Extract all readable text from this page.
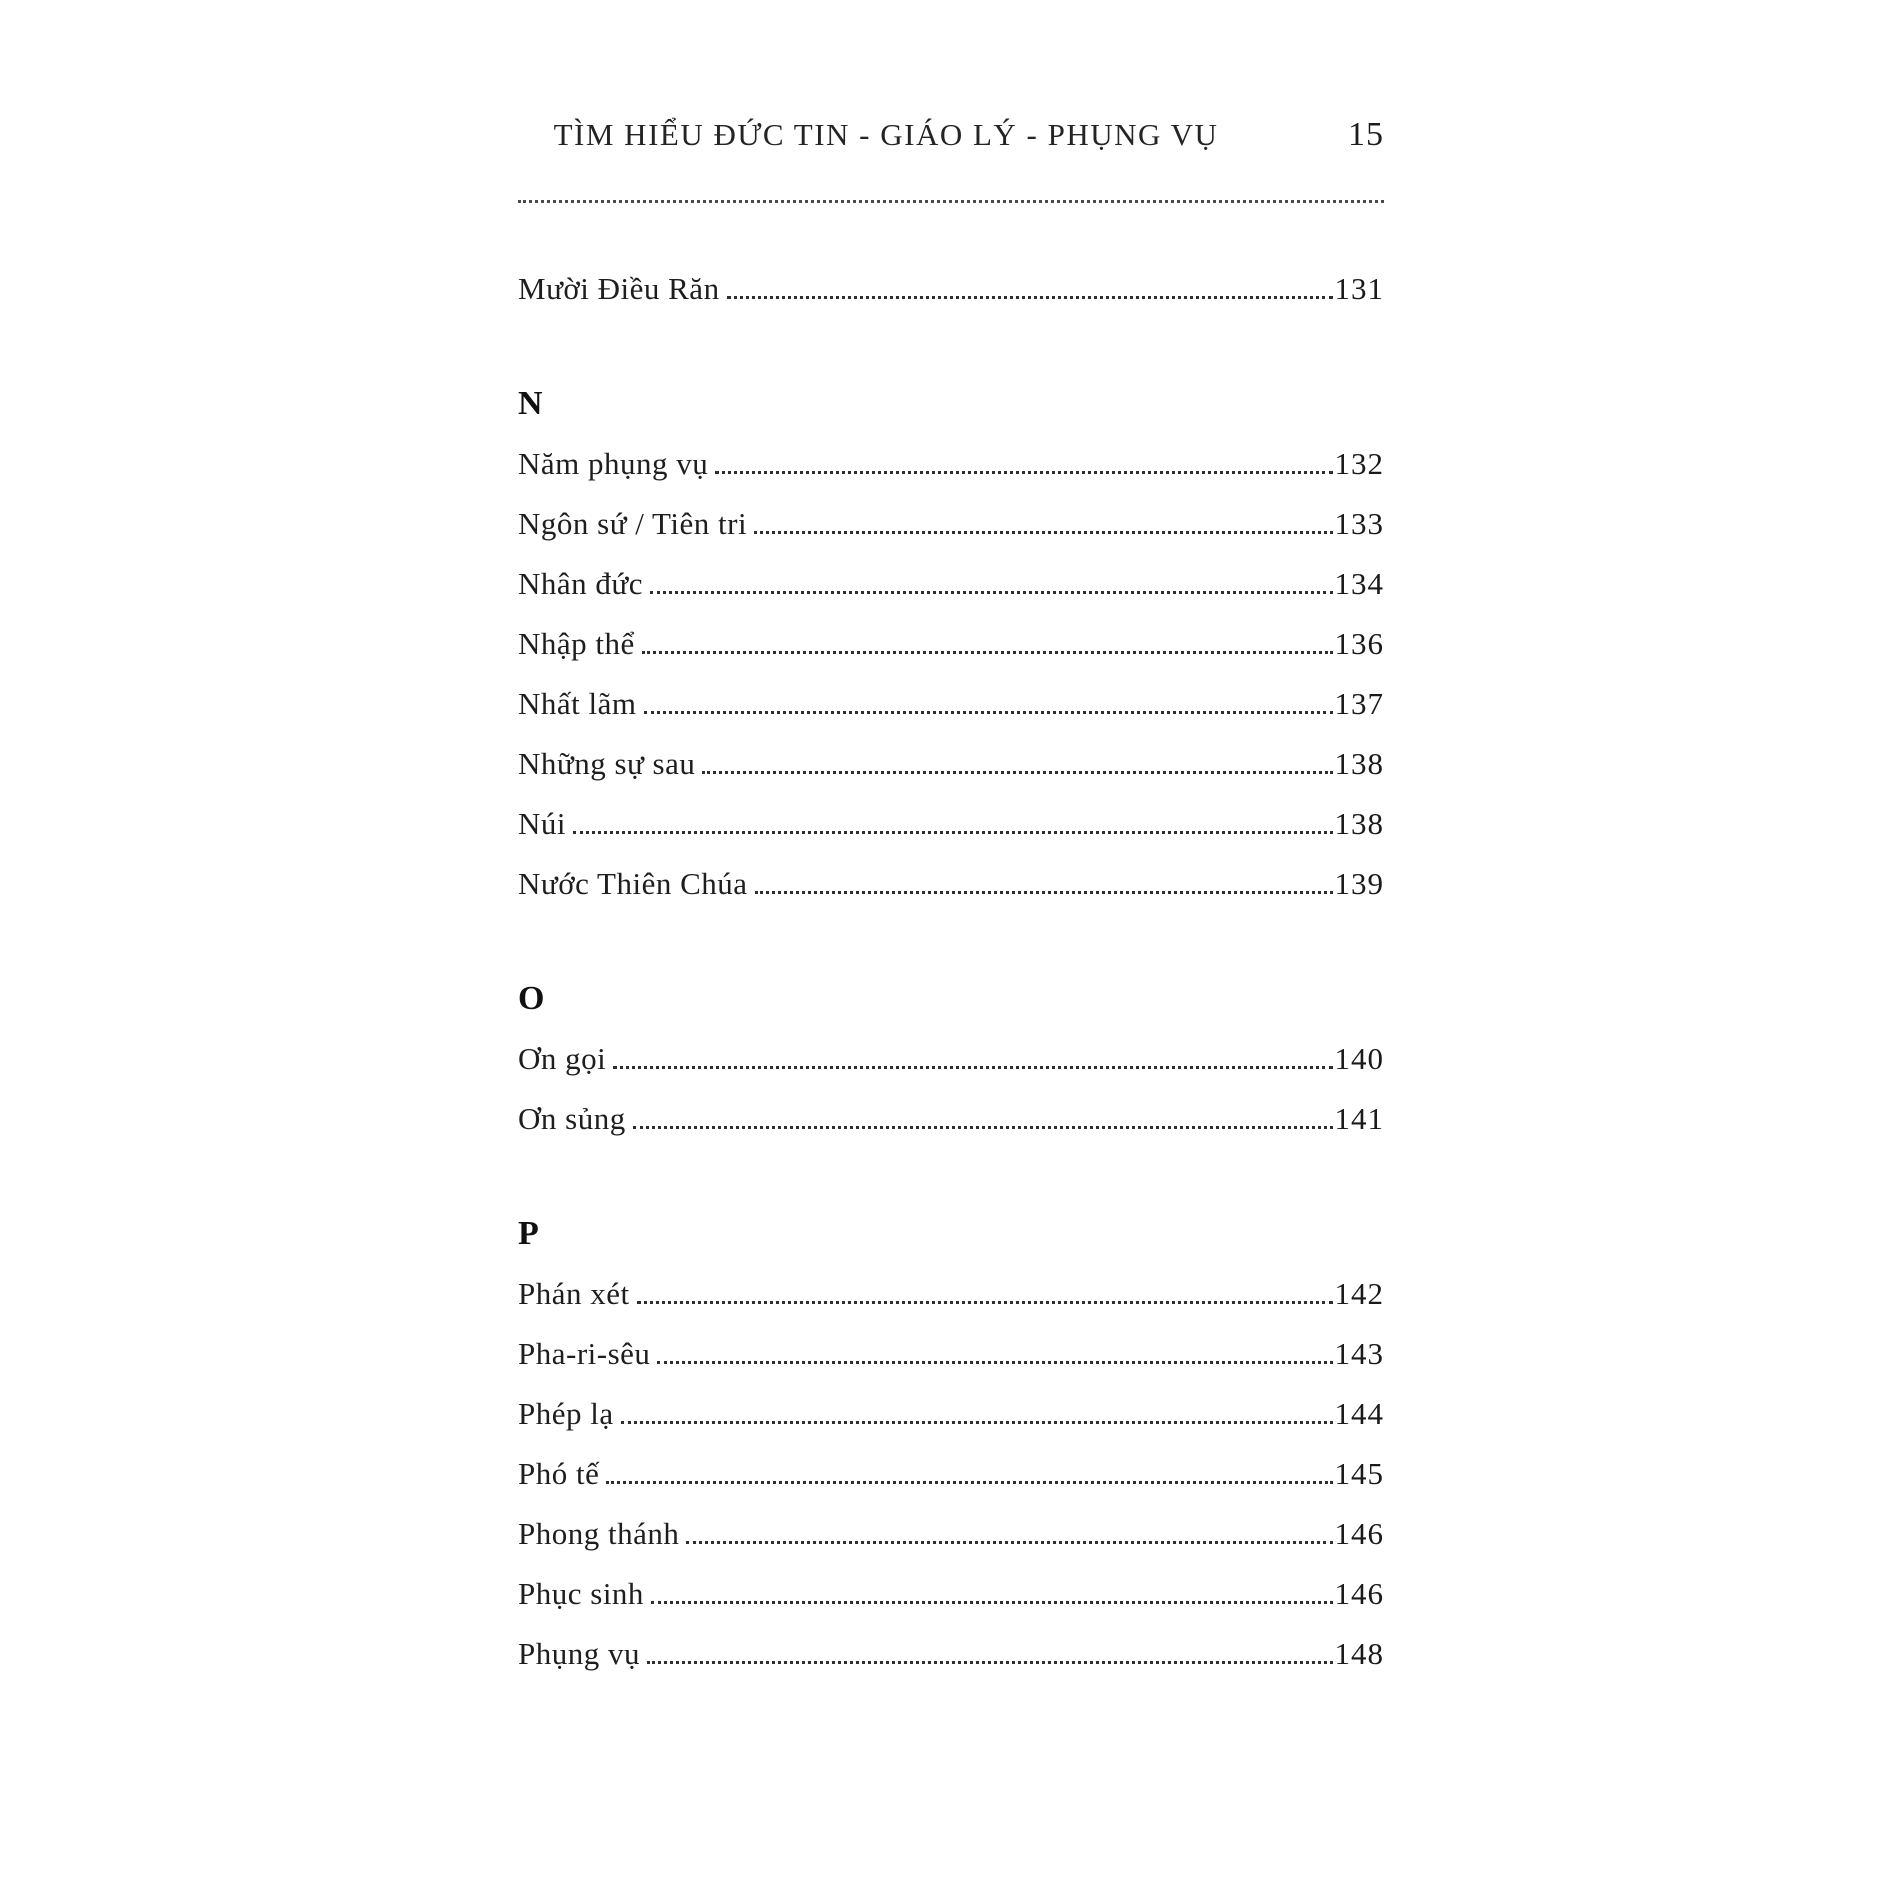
TÌM HIỂU ĐỨC TIN - GIÁO LÝ - PHỤNG VỤ	15
Mười Điều Răn	131
N
Năm phụng vụ	132
Ngôn sứ / Tiên tri	133
Nhân đức	134
Nhập thể	136
Nhất lãm	137
Những sự sau	138
Núi	138
Nước Thiên Chúa	139
O
Ơn gọi	140
Ơn sủng	141
P
Phán xét	142
Pha-ri-sêu	143
Phép lạ	144
Phó tế	145
Phong thánh	146
Phục sinh	146
Phụng vụ	148
